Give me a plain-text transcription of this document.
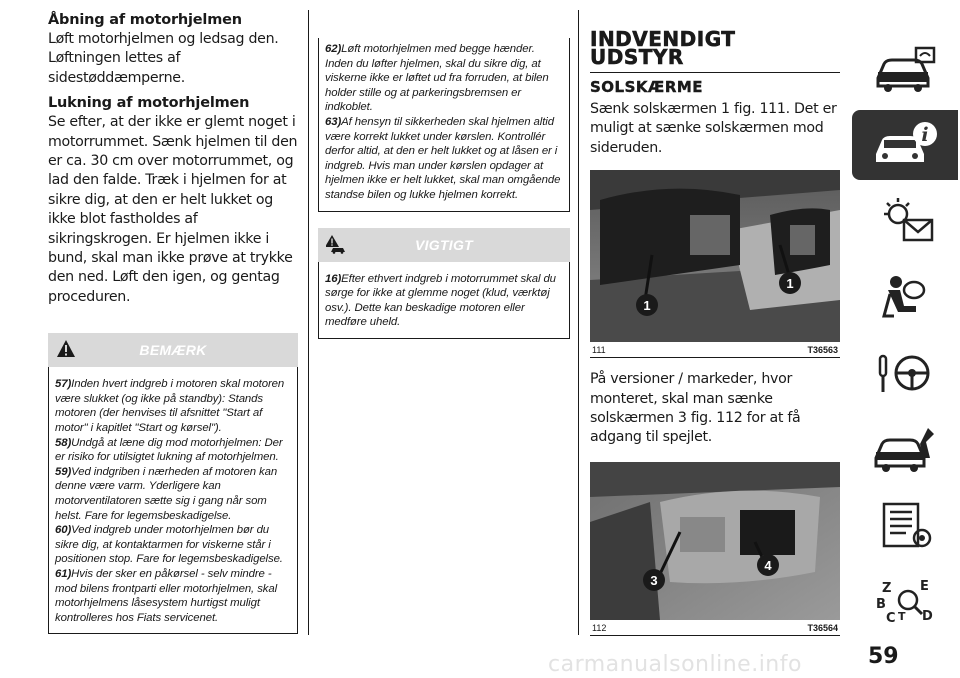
Åbning af motorhjelmen
Løft motorhjelmen og ledsag den. Løftningen lettes af sidestøddæmperne.
Lukning af motorhjelmen
Se efter, at der ikke er glemt noget i motorrummet. Sænk hjelmen til den er ca. 30 cm over motorrummet, og lad den falde. Træk i hjelmen for at sikre dig, at den er helt lukket og ikke blot fastholdes af sikringskrogen. Er hjelmen ikke i bund, skal man ikke prøve at trykke den ned. Løft den igen, og gentag proceduren.
BEMÆRK
57)Inden hvert indgreb i motoren skal motoren være slukket (og ikke på standby): Stands motoren (der henvises til afsnittet "Start af motor" i kapitlet "Start og kørsel").
58)Undgå at læne dig mod motorhjelmen: Der er risiko for utilsigtet lukning af motorhjelmen.
59)Ved indgriben i nærheden af motoren kan denne være varm. Yderligere kan motorventilatoren sætte sig i gang når som helst. Fare for legemsbeskadigelse.
60)Ved indgreb under motorhjelmen bør du sikre dig, at kontaktarmen for viskerne står i positionen stop. Fare for legemsbeskadigelse.
61)Hvis der sker en påkørsel - selv mindre - mod bilens frontparti eller motorhjelmen, skal motorhjelmens låsesystem hurtigst muligt kontrolleres hos Fiats servicenet.
62)Løft motorhjelmen med begge hænder. Inden du løfter hjelmen, skal du sikre dig, at viskerne ikke er løftet ud fra forruden, at bilen holder stille og at parkeringsbremsen er indkoblet.
63)Af hensyn til sikkerheden skal hjelmen altid være korrekt lukket under kørslen. Kontrollér derfor altid, at den er helt lukket og at låsen er i indgreb. Hvis man under kørslen opdager at hjelmen ikke er helt lukket, skal man omgående standse bilen og lukke hjelmen korrekt.
VIGTIGT
16)Efter ethvert indgreb i motorrummet skal du sørge for ikke at glemme noget (klud, værktøj osv.). Dette kan beskadige motoren eller medføre uheld.
INDVENDIGT
UDSTYR
SOLSKÆRME
Sænk solskærmen 1 fig. 111. Det er muligt at sænke solskærmen mod sideruden.
1
1
111	T36563
På versioner / markeder, hvor monteret, skal man sænke solskærmen 3 fig. 112 for at få adgang til spejlet.
3
4
112	T36564
i
Z E
B
C T D
carmanualsonline.info	59
